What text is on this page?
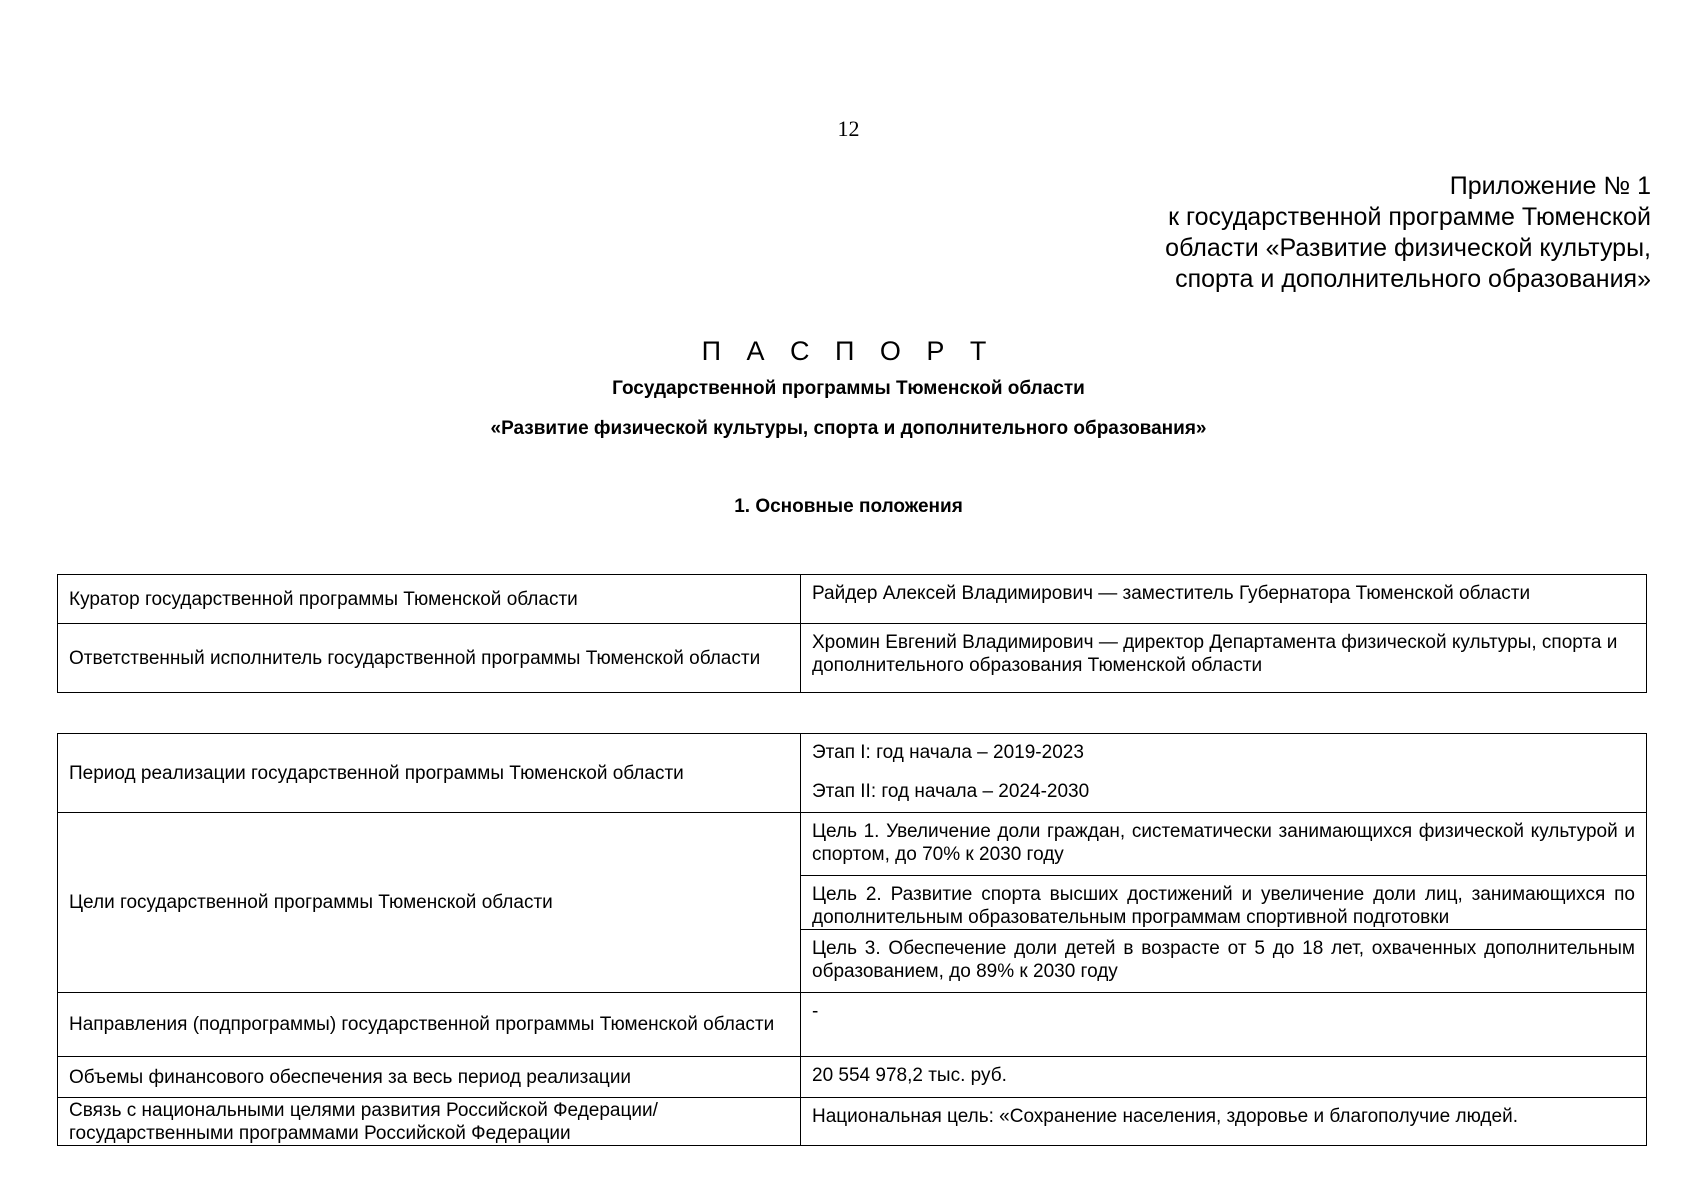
12
Приложение № 1
к государственной программе Тюменской
области «Развитие физической культуры,
спорта и дополнительного образования»
П А С П О Р Т
Государственной программы Тюменской области
«Развитие физической культуры, спорта и дополнительного образования»
1. Основные положения
Куратор государственной программы Тюменской области	Райдер Алексей Владимирович — заместитель Губернатора Тюменской области
Ответственный исполнитель государственной программы Тюменской области	Хромин Евгений Владимирович — директор Департамента физической культуры, спорта и дополнительного образования Тюменской области
Период реализации государственной программы Тюменской области	Этап I: год начала – 2019-2023
Этап II: год начала – 2024-2030

Цели государственной программы Тюменской области	Цель 1. Увеличение доли граждан, систематически занимающихся физической культурой и спортом, до 70% к 2030 году
	Цель 2. Развитие спорта высших достижений и увеличение доли лиц, занимающихся по дополнительным образовательным программам спортивной подготовки
	Цель 3. Обеспечение доли детей в возрасте от 5 до 18 лет, охваченных дополнительным образованием, до 89% к 2030 году
Направления (подпрограммы) государственной программы Тюменской области	-
Объемы финансового обеспечения за весь период реализации	20 554 978,2 тыс. руб.
Связь с национальными целями развития Российской Федерации/ государственными программами Российской Федерации	Национальная цель: «Сохранение населения, здоровье и благополучие людей.
